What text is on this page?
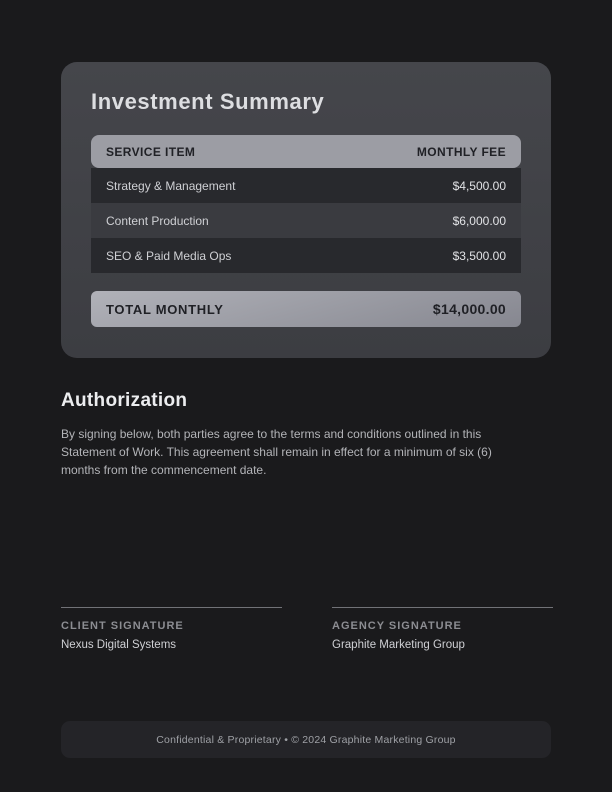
Investment Summary
SERVICE ITEM	MONTHLY FEE
Strategy & Management	$4,500.00
Content Production	$6,000.00
SEO & Paid Media Ops	$3,500.00
TOTAL MONTHLY	$14,000.00
Authorization

By signing below, both parties agree to the terms and conditions outlined in this Statement of Work. This agreement shall remain in effect for a minimum of six (6) months from the commencement date.

CLIENT SIGNATURE
Nexus Digital Systems
AGENCY SIGNATURE
Graphite Marketing Group
Confidential & Proprietary • © 2024 Graphite Marketing Group
